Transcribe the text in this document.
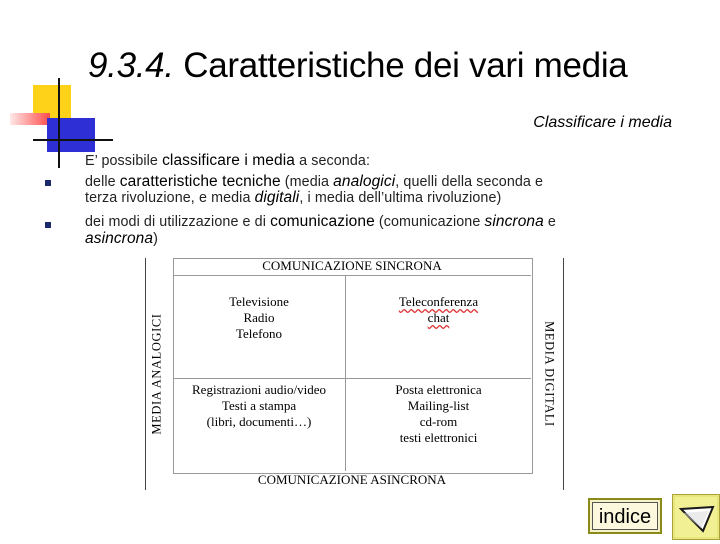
9.3.4. Caratteristiche dei vari media
Classificare i media
E’ possibile classificare i media a seconda:
delle caratteristiche tecniche (media analogici, quelli della seconda e
terza rivoluzione, e media digitali, i media dell’ultima rivoluzione)
dei modi di utilizzazione e di comunicazione (comunicazione sincrona e
asincrona)
COMUNICAZIONE SINCRONA
COMUNICAZIONE ASINCRONA
MEDIA ANALOGICI	MEDIA DIGITALI
Televisione
Radio
Telefono
Teleconferenza
chat
Registrazioni audio/video
Testi a stampa
(libri, documenti…)
Posta elettronica
Mailing-list
cd-rom
testi elettronici
indice
